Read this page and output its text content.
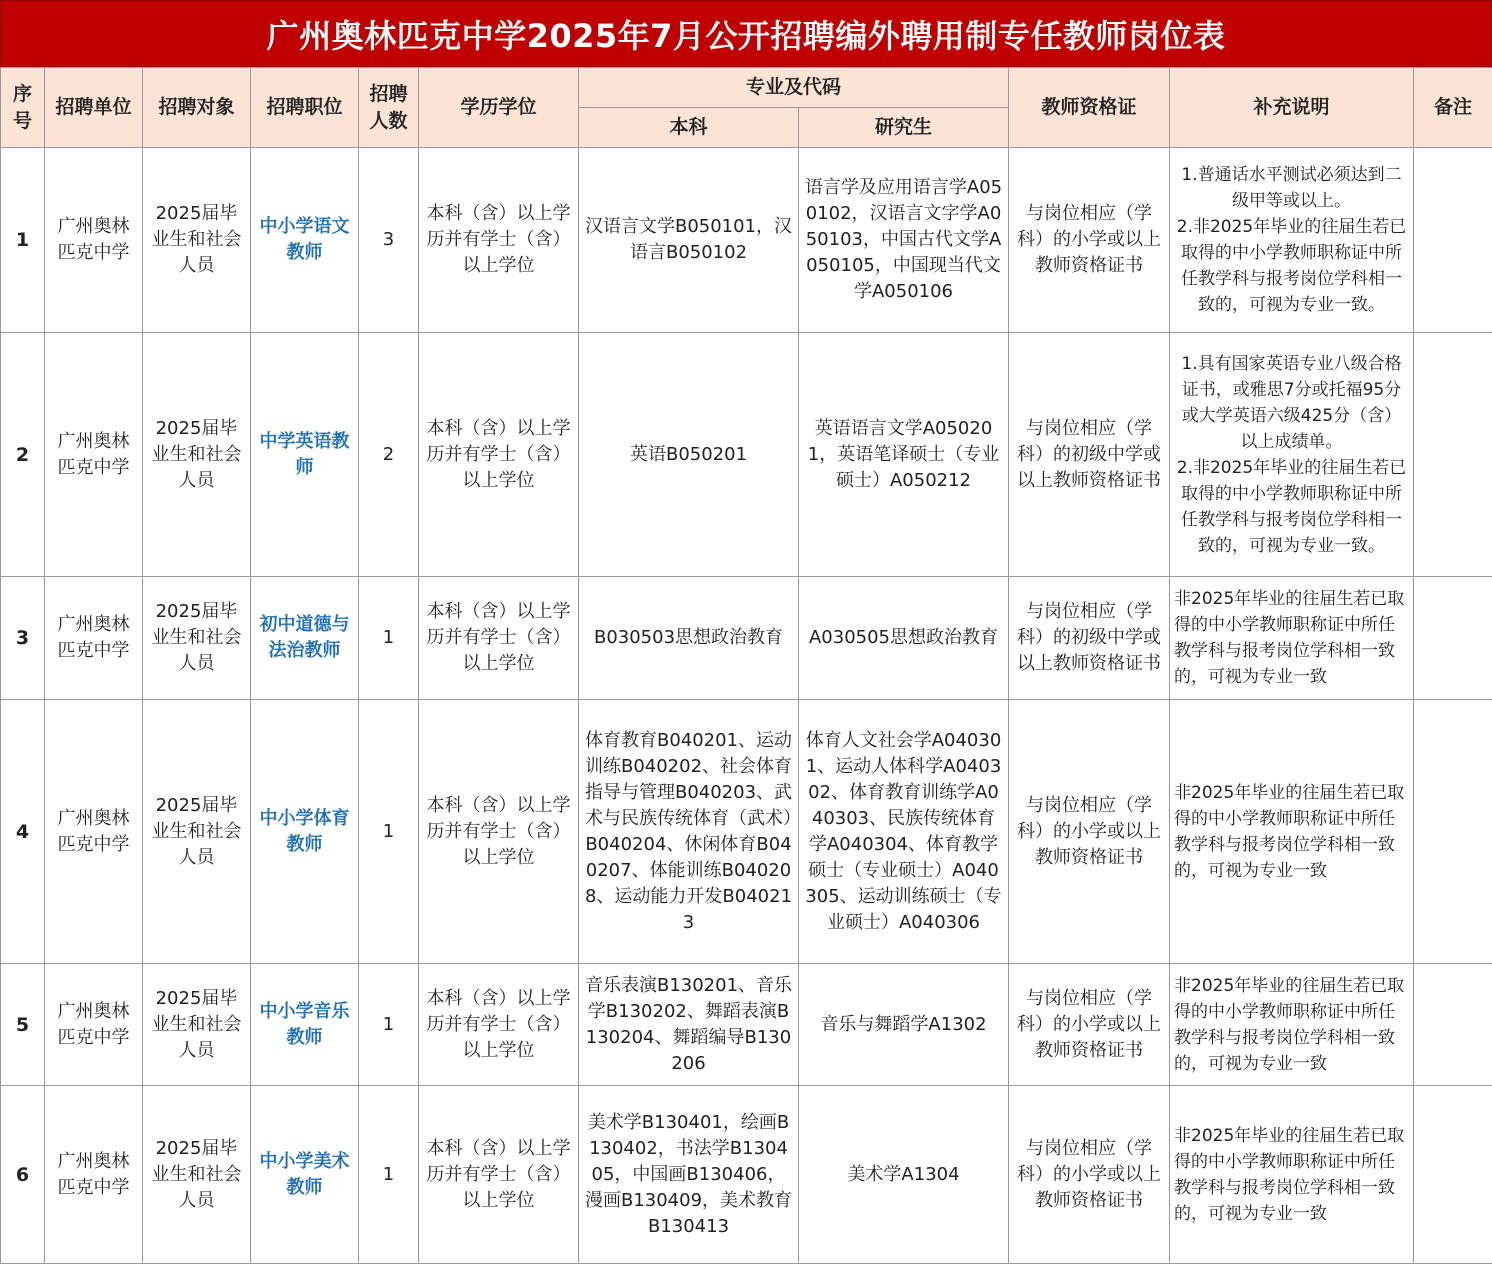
广州奥林匹克中学2025年7月公开招聘编外聘用制专任教师岗位表
序号	招聘单位	招聘对象	招聘职位	招聘人数	学历学位	专业及代码		教师资格证	补充说明	备注
						本科	研究生			
1	广州奥林匹克中学	2025届毕业生和社会人员	中小学语文教师	3	本科（含）以上学历并有学士（含）以上学位	汉语言文学B050101，汉语言B050102	语言学及应用语言学A050102，汉语言文字学A050103，中国古代文学A050105，中国现当代文学A050106	与岗位相应（学科）的小学或以上教师资格证书	1.普通话水平测试必须达到二级甲等或以上。
2.非2025年毕业的往届生若已取得的中小学教师职称证中所任教学科与报考岗位学科相一致的，可视为专业一致。	

2	广州奥林匹克中学	2025届毕业生和社会人员	中学英语教师	2	本科（含）以上学历并有学士（含）以上学位	英语B050201	英语语言文学A050201，英语笔译硕士（专业硕士）A050212	与岗位相应（学科）的初级中学或以上教师资格证书	1.具有国家英语专业八级合格证书，或雅思7分或托福95分或大学英语六级425分（含）以上成绩单。
2.非2025年毕业的往届生若已取得的中小学教师职称证中所任教学科与报考岗位学科相一致的，可视为专业一致。	

3	广州奥林匹克中学	2025届毕业生和社会人员	初中道德与法治教师	1	本科（含）以上学历并有学士（含）以上学位	B030503思想政治教育	A030505思想政治教育	与岗位相应（学科）的初级中学或以上教师资格证书	非2025年毕业的往届生若已取得的中小学教师职称证中所任教学科与报考岗位学科相一致的，可视为专业一致	

4	广州奥林匹克中学	2025届毕业生和社会人员	中小学体育教师	1	本科（含）以上学历并有学士（含）以上学位	体育教育B040201、运动训练B040202、社会体育指导与管理B040203、武术与民族传统体育（武术）B040204、休闲体育B040207、体能训练B040208、运动能力开发B040213	体育人文社会学A040301、运动人体科学A040302、体育教育训练学A040303、民族传统体育学A040304、体育教学硕士（专业硕士）A040305、运动训练硕士（专业硕士）A040306	与岗位相应（学科）的小学或以上教师资格证书	非2025年毕业的往届生若已取得的中小学教师职称证中所任教学科与报考岗位学科相一致的，可视为专业一致	

5	广州奥林匹克中学	2025届毕业生和社会人员	中小学音乐教师	1	本科（含）以上学历并有学士（含）以上学位	音乐表演B130201、音乐学B130202、舞蹈表演B130204、舞蹈编导B130206	音乐与舞蹈学A1302	与岗位相应（学科）的小学或以上教师资格证书	非2025年毕业的往届生若已取得的中小学教师职称证中所任教学科与报考岗位学科相一致的，可视为专业一致	

6	广州奥林匹克中学	2025届毕业生和社会人员	中小学美术教师	1	本科（含）以上学历并有学士（含）以上学位	美术学B130401，绘画B130402，书法学B130405，中国画B130406，漫画B130409，美术教育B130413	美术学A1304	与岗位相应（学科）的小学或以上教师资格证书	非2025年毕业的往届生若已取得的中小学教师职称证中所任教学科与报考岗位学科相一致的，可视为专业一致	
